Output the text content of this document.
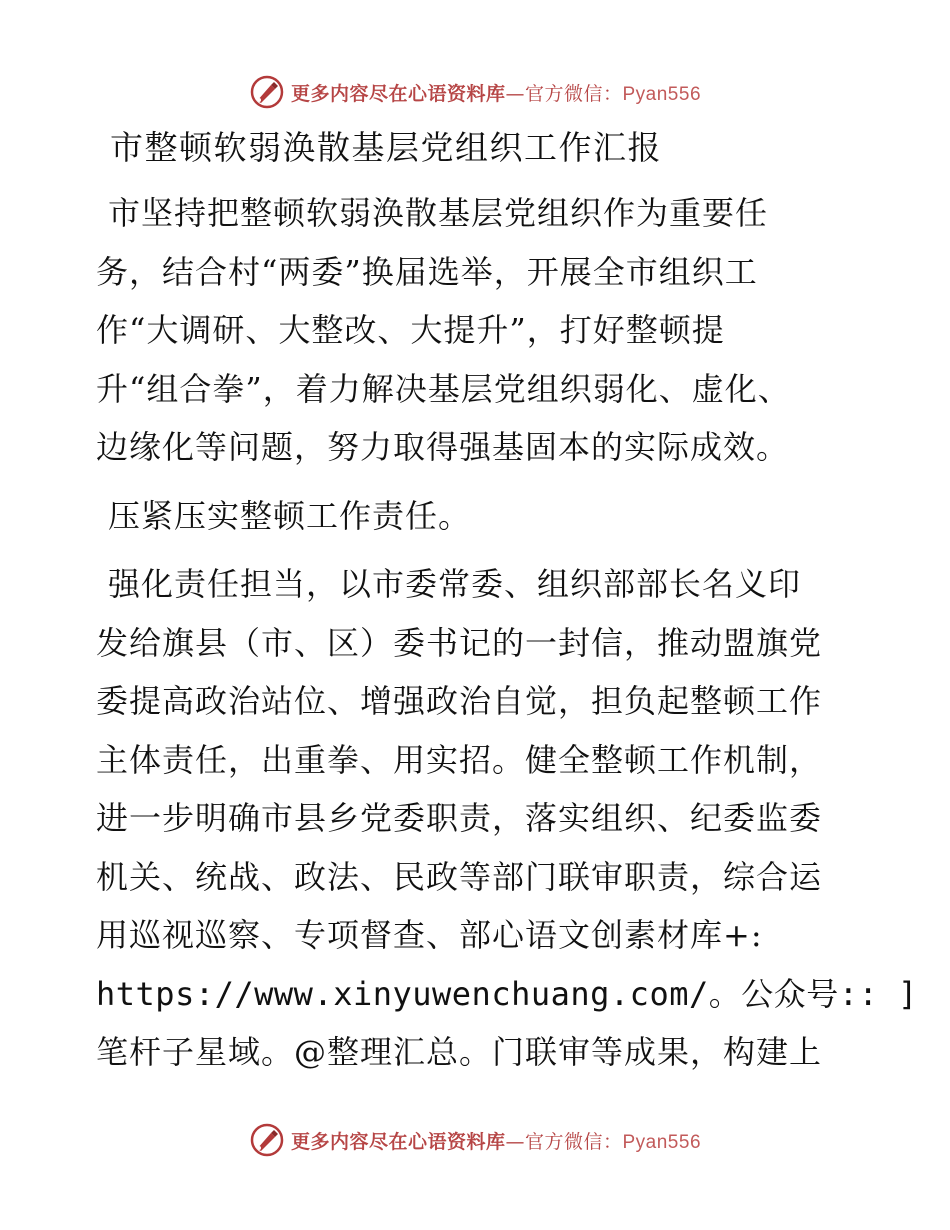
更多内容尽在心语资料库—官方微信：Pyan556
市整顿软弱涣散基层党组织工作汇报

市坚持把整顿软弱涣散基层党组织作为重要任
务，结合村“两委”换届选举，开展全市组织工
作“大调研、大整改、大提升”，打好整顿提
升“组合拳”，着力解决基层党组织弱化、虚化、
边缘化等问题，努力取得强基固本的实际成效。

压紧压实整顿工作责任。

强化责任担当，以市委常委、组织部部长名义印
发给旗县（市、区）委书记的一封信，推动盟旗党
委提高政治站位、增强政治自觉，担负起整顿工作
主体责任，出重拳、用实招。健全整顿工作机制，
进一步明确市县乡党委职责，落实组织、纪委监委
机关、统战、政法、民政等部门联审职责，综合运
用巡视巡察、专项督查、部心语文创素材库+:
https://www.xinyuwenchuang.com/。公众号:: ]
笔杆子星域。@整理汇总。门联审等成果，构建上

更多内容尽在心语资料库—官方微信：Pyan556
